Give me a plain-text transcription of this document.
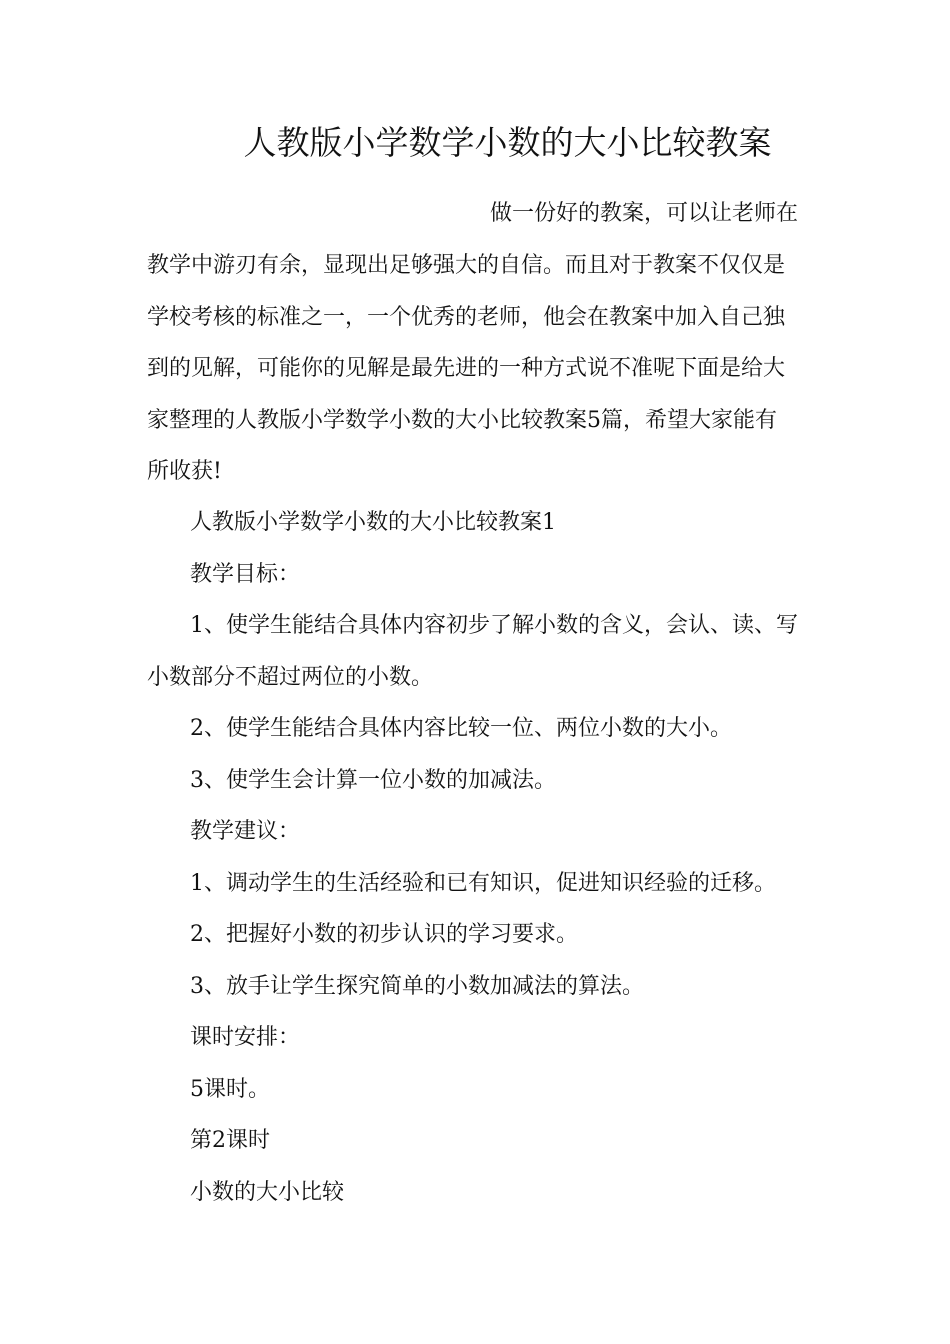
人教版小学数学小数的大小比较教案
做一份好的教案，可以让老师在
教学中游刃有余，显现出足够强大的自信。而且对于教案不仅仅是
学校考核的标准之一，一个优秀的老师，他会在教案中加入自己独
到的见解，可能你的见解是最先进的一种方式说不准呢下面是给大
家整理的人教版小学数学小数的大小比较教案5篇，希望大家能有
所收获!
人教版小学数学小数的大小比较教案1
教学目标：
1、使学生能结合具体内容初步了解小数的含义，会认、读、写
小数部分不超过两位的小数。
2、使学生能结合具体内容比较一位、两位小数的大小。
3、使学生会计算一位小数的加减法。
教学建议：
1、调动学生的生活经验和已有知识，促进知识经验的迁移。
2、把握好小数的初步认识的学习要求。
3、放手让学生探究简单的小数加减法的算法。
课时安排：
5课时。
第2课时
小数的大小比较
